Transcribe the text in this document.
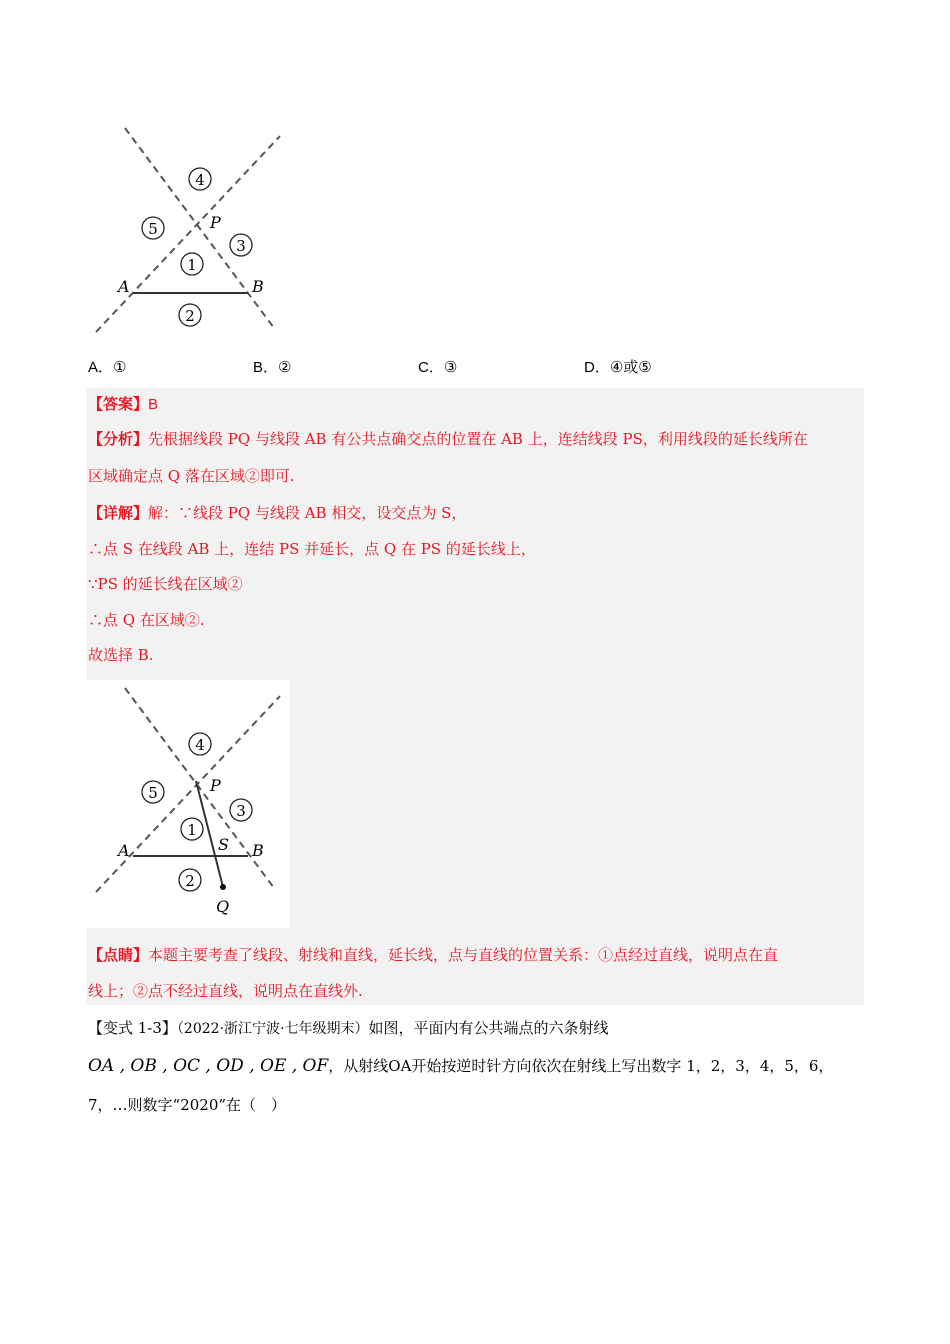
4
5
3
1
2
P
A	B
A．①	B．②	C．③	D．④或⑤
【答案】B
【分析】先根据线段 PQ 与线段 AB 有公共点确交点的位置在 AB 上，连结线段 PS，利用线段的延长线所在
区域确定点 Q 落在区域②即可.
【详解】解：∵线段 PQ 与线段 AB 相交，设交点为 S，
∴点 S 在线段 AB 上，连结 PS 并延长，点 Q 在 PS 的延长线上，
∵PS 的延长线在区域②
∴点 Q 在区域②.
故选择 B.
4
5
3
1
2
P
A	B
S
Q
【点睛】本题主要考查了线段、射线和直线，延长线，点与直线的位置关系：①点经过直线，说明点在直
线上；②点不经过直线，说明点在直线外.
【变式 1-3】（2022·浙江宁波·七年级期末）如图，平面内有公共端点的六条射线
OA , OB , OC , OD , OE , OF，从射线OA开始按逆时针方向依次在射线上写出数字 1，2，3，4，5，6，
7，…则数字“2020”在（　）
